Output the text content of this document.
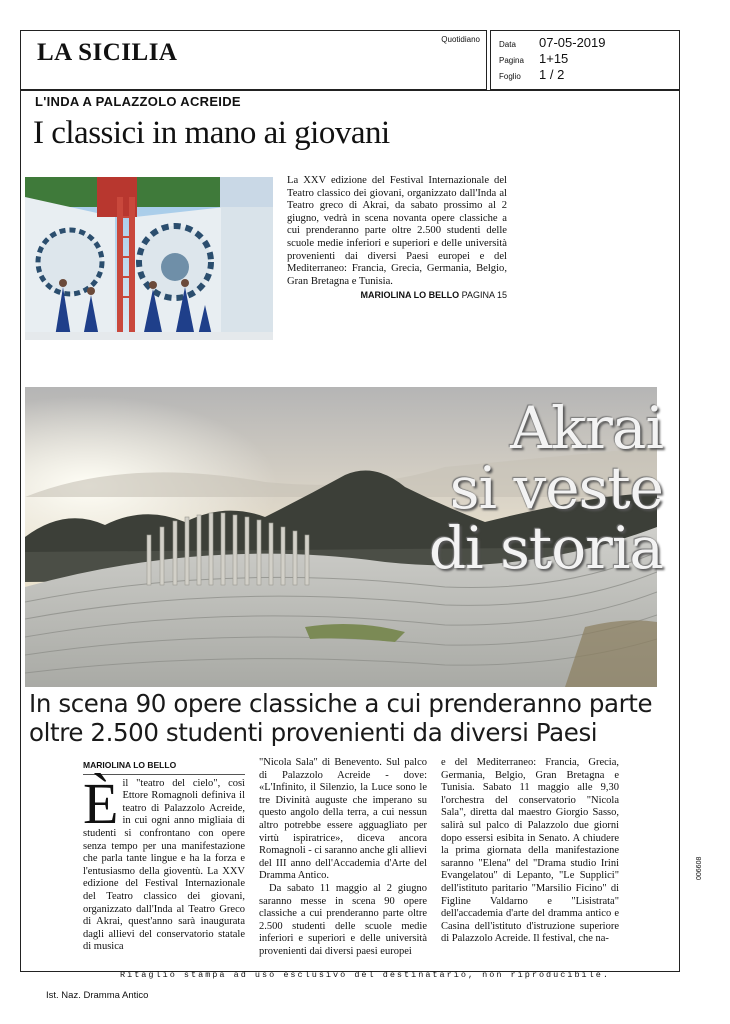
LA SICILIA	Quotidiano
Data 07-05-2019
Pagina 1+15
Foglio 1 / 2
L'INDA A PALAZZOLO ACREIDE
I classici in mano ai giovani

La XXV edizione del Festival Internazionale del Teatro classico dei giovani, organizzato dall'Inda al Teatro greco di Akrai, da sabato prossimo al 2 giugno, vedrà in scena novanta opere classiche a cui prenderanno parte oltre 2.500 studenti delle scuole medie inferiori e superiori e delle università provenienti dai diversi Paesi europei e del Mediterraneo: Francia, Grecia, Germania, Belgio, Gran Bretagna e Tunisia.

MARIOLINA LO BELLO PAGINA 15
Akrai
si veste
di storia
In scena 90 opere classiche a cui prenderanno parte oltre 2.500 studenti provenienti da diversi Paesi
MARIOLINA LO BELLO
È il "teatro del cielo", così Ettore Romagnoli definiva il teatro di Palazzolo Acreide, in cui ogni anno migliaia di studenti si confrontano con opere senza tempo per una manifestazione che parla tante lingue e ha la forza e l'entusiasmo della gioventù. La XXV edizione del Festival Internazionale del Teatro classico dei giovani, organizzato dall'Inda al Teatro Greco di Akrai, quest'anno sarà inaugurata dagli allievi del conservatorio statale di musica

"Nicola Sala" di Benevento. Sul palco di Palazzolo Acreide - dove: «L'Infinito, il Silenzio, la Luce sono le tre Divinità auguste che imperano su questo angolo della terra, a cui nessun altro potrebbe essere agguagliato per virtù ispiratrice», diceva ancora Romagnoli - ci saranno anche gli allievi del III anno dell'Accademia d'Arte del Dramma Antico.

Da sabato 11 maggio al 2 giugno saranno messe in scena 90 opere classiche a cui prenderanno parte oltre 2.500 studenti delle scuole medie inferiori e superiori e delle università provenienti dai diversi paesi europei

e del Mediterraneo: Francia, Grecia, Germania, Belgio, Gran Bretagna e Tunisia. Sabato 11 maggio alle 9,30 l'orchestra del conservatorio "Nicola Sala", diretta dal maestro Giorgio Sasso, salirà sul palco di Palazzolo due giorni dopo essersi esibita in Senato. A chiudere la prima giornata della manifestazione saranno "Elena" del "Drama studio Irini Evangelatou" di Lepanto, "Le Supplici" dell'istituto paritario "Marsilio Ficino" di Figline Valdarno e "Lisistrata" dell'accademia d'arte del dramma antico e Casina dell'istituto d'istruzione superiore di Palazzolo Acreide. Il festival, che na-

Ritaglio stampa ad uso esclusivo del destinatario, non riproducibile.
006608
Ist. Naz. Dramma Antico
